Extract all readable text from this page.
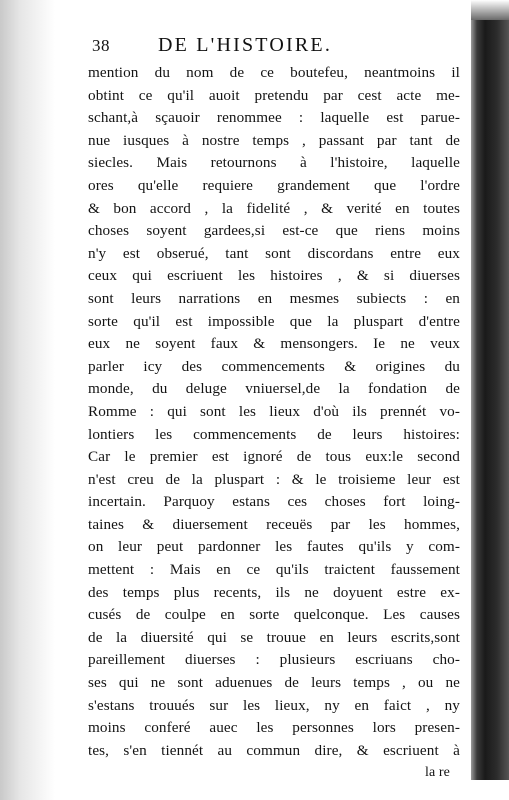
38 DE L'HISTOIRE.
mention du nom de ce boutefeu, neantmoins il
obtint ce qu'il auoit pretendu par cest acte me-
schant,à sçauoir renommee : laquelle est parue-
nue iusques à nostre temps , passant par tant de
siecles. Mais retournons à l'histoire, laquelle
ores qu'elle requiere grandement que l'ordre
& bon accord , la fidelité , & verité en toutes
choses soyent gardees,si est-ce que riens moins
n'y est obserué, tant sont discordans entre eux
ceux qui escriuent les histoires , & si diuerses
sont leurs narrations en mesmes subiects : en
sorte qu'il est impossible que la pluspart d'entre
eux ne soyent faux & mensongers. Ie ne veux
parler icy des commencements & origines du
monde, du deluge vniuersel,de la fondation de
Romme : qui sont les lieux d'où ils prennét vo-
lontiers les commencements de leurs histoires:
Car le premier est ignoré de tous eux:le second
n'est creu de la pluspart : & le troisieme leur est
incertain. Parquoy estans ces choses fort loing-
taines & diuersement receuës par les hommes,
on leur peut pardonner les fautes qu'ils y com-
mettent : Mais en ce qu'ils traictent faussement
des temps plus recents, ils ne doyuent estre ex-
cusés de coulpe en sorte quelconque. Les causes
de la diuersité qui se trouue en leurs escrits,sont
pareillement diuerses : plusieurs escriuans cho-
ses qui ne sont aduenues de leurs temps , ou ne
s'estans trouués sur les lieux, ny en faict , ny
moins conferé auec les personnes lors presen-
tes, s'en tiennét au commun dire, & escriuent à
la re
